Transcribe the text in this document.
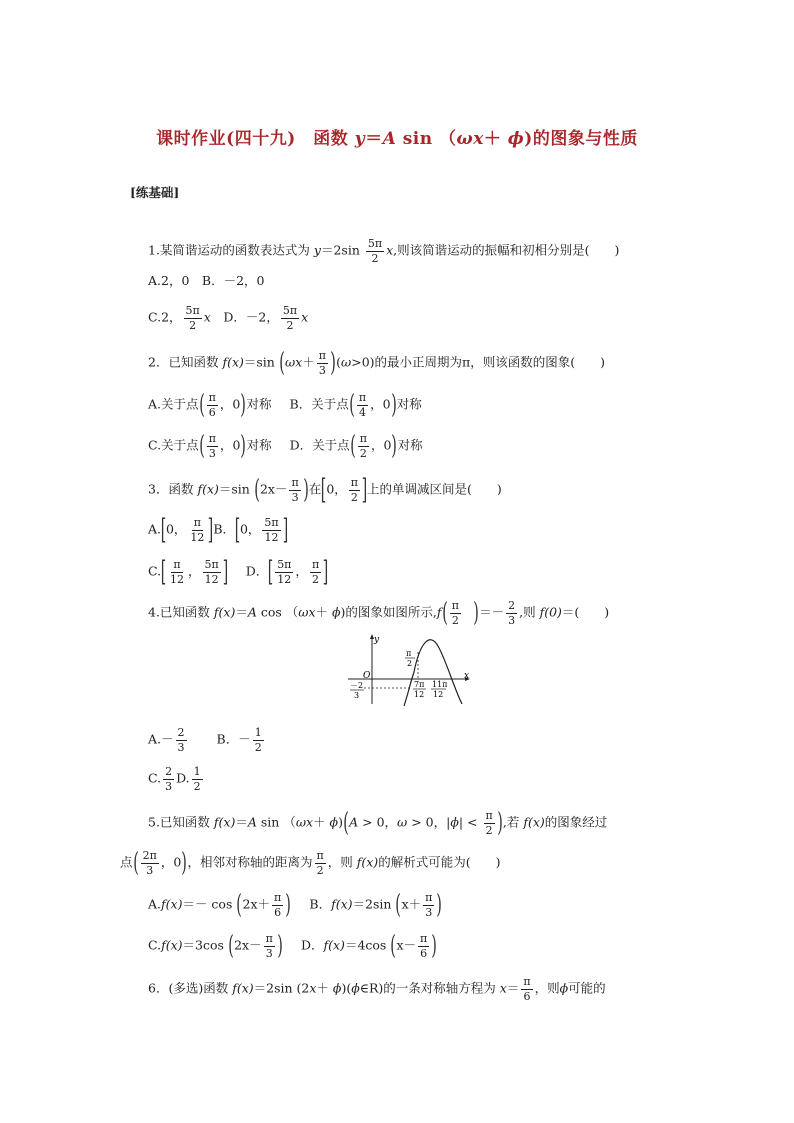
课时作业(四十九)　函数 y＝A sin （ωx＋ ϕ)的图象与性质
[练基础]
1.某简谐运动的函数表达式为 $y=2\sin \frac{5\pi}{2} x$,则该简谐运动的振幅和初相分别是(　　)
A.2，0　B．－2，0
C.2， $\frac{5\pi}{2}$ x　D．－2， $\frac{5\pi}{2}$ x
2．已知函数 f(x)＝sin $(\omega x+ \frac{\pi}{3} )(\omega>0)$的最小正周期为π，则该函数的图象(　　)
A.关于点( $\frac{\pi}{6}$ ，0)对称 B．关于点( $\frac{\pi}{4}$ ，0)对称
C.关于点( $\frac{\pi}{3}$ ，0)对称 D．关于点( $\frac{\pi}{2}$ ，0)对称
3．函数 f(x)＝sin ($2x- \frac{\pi}{3}$ )在[0， $\frac{\pi}{2}$ ]上的单调减区间是(　　)
A.[0， $\frac{\pi}{12} ]B$．[0， $\frac{5\pi}{12}$ ]
$C.[ \frac{\pi}{12}$ ， $\frac{5\pi}{12}$ ] D．[ $\frac{5\pi}{12}$ ， $\frac{\pi}{2}$ ]
4.已知函数 f(x)＝A cos （ωx＋ ϕ)的图象如图所示$,f( \frac{\pi}{2}$ )＝－ $\frac{2}{3}$ ,则 f(0)＝(　　)
y
x
O
π
2
7π
12
11π
12
－2
3
$A.- \frac{2}{3}$ B．－ $\frac{1}{2}$
C. $\frac{2}{3} D$. $\frac{1}{2}$
5.已知函数 f(x)＝A sin （ωx＋ ϕ)(A > 0，ω > 0，$|\phi| < \frac{\pi}{2}$ ),若 f(x)的图象经过
点( $\frac{2\pi}{3}$ ，0)，相邻对称轴的距离为 $\frac{\pi}{2}$ ，则 f(x)的解析式可能为(　　)
$A.f(x)=- \cos (2x+ \frac{\pi}{6}$ ) B．f(x)＝2sin ($x+ \frac{\pi}{3}$ )
C.f(x)＝3cos ($2x- \frac{\pi}{3}$ ) D．f(x)＝4cos ($x- \frac{\pi}{6}$ )
6．(多选)函数 f(x)＝2sin (2x＋ ϕ)(ϕ∈R)的一条对称轴方程为 $x= \frac{\pi}{6}$ ，则ϕ可能的
